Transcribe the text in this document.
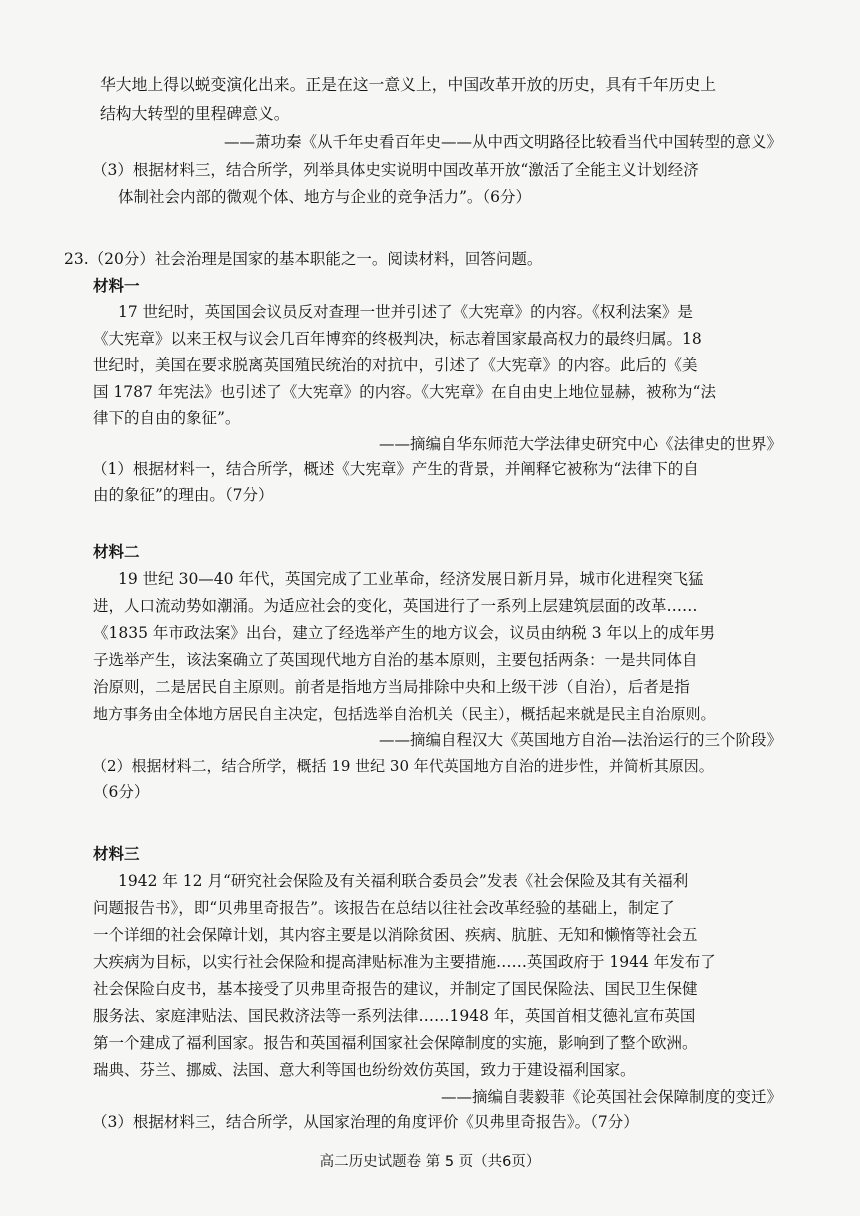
华大地上得以蜕变演化出来。正是在这一意义上，中国改革开放的历史，具有千年历史上
结构大转型的里程碑意义。
——萧功秦《从千年史看百年史——从中西文明路径比较看当代中国转型的意义》
（3）根据材料三，结合所学，列举具体史实说明中国改革开放“激活了全能主义计划经济
体制社会内部的微观个体、地方与企业的竞争活力”。（6分）
23.（20分）社会治理是国家的基本职能之一。阅读材料，回答问题。
材料一
17 世纪时，英国国会议员反对查理一世并引述了《大宪章》的内容。《权利法案》是
《大宪章》以来王权与议会几百年博弈的终极判决，标志着国家最高权力的最终归属。18
世纪时，美国在要求脱离英国殖民统治的对抗中，引述了《大宪章》的内容。此后的《美
国 1787 年宪法》也引述了《大宪章》的内容。《大宪章》在自由史上地位显赫，被称为“法
律下的自由的象征”。
——摘编自华东师范大学法律史研究中心《法律史的世界》
（1）根据材料一，结合所学，概述《大宪章》产生的背景，并阐释它被称为“法律下的自
由的象征”的理由。（7分）
材料二
19 世纪 30—40 年代，英国完成了工业革命，经济发展日新月异，城市化进程突飞猛
进，人口流动势如潮涌。为适应社会的变化，英国进行了一系列上层建筑层面的改革……
《1835 年市政法案》出台，建立了经选举产生的地方议会，议员由纳税 3 年以上的成年男
子选举产生，该法案确立了英国现代地方自治的基本原则，主要包括两条：一是共同体自
治原则，二是居民自主原则。前者是指地方当局排除中央和上级干涉（自治），后者是指
地方事务由全体地方居民自主决定，包括选举自治机关（民主），概括起来就是民主自治原则。
——摘编自程汉大《英国地方自治—法治运行的三个阶段》
（2）根据材料二，结合所学，概括 19 世纪 30 年代英国地方自治的进步性，并简析其原因。
（6分）
材料三
1942 年 12 月“研究社会保险及有关福利联合委员会”发表《社会保险及其有关福利
问题报告书》，即“贝弗里奇报告”。该报告在总结以往社会改革经验的基础上，制定了
一个详细的社会保障计划，其内容主要是以消除贫困、疾病、肮脏、无知和懒惰等社会五
大疾病为目标，以实行社会保险和提高津贴标准为主要措施……英国政府于 1944 年发布了
社会保险白皮书，基本接受了贝弗里奇报告的建议，并制定了国民保险法、国民卫生保健
服务法、家庭津贴法、国民救济法等一系列法律……1948 年，英国首相艾德礼宣布英国
第一个建成了福利国家。报告和英国福利国家社会保障制度的实施，影响到了整个欧洲。
瑞典、芬兰、挪威、法国、意大利等国也纷纷效仿英国，致力于建设福利国家。
——摘编自裴毅菲《论英国社会保障制度的变迁》
（3）根据材料三，结合所学，从国家治理的角度评价《贝弗里奇报告》。（7分）
高二历史试题卷 第 5 页（共6页）
